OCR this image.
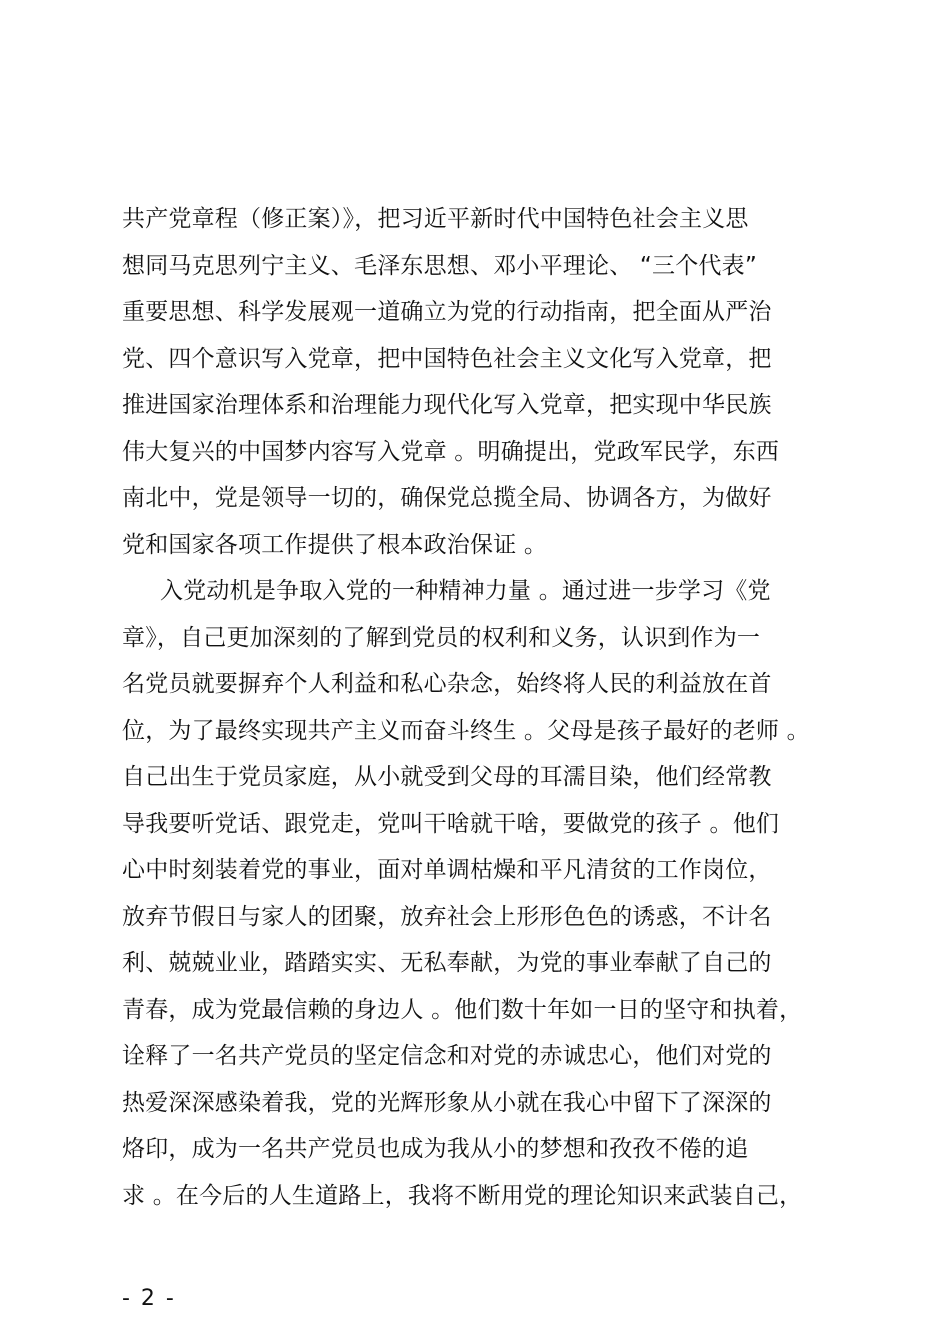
共产党章程（修正案）》，把习近平新时代中国特色社会主义思
想同马克思列宁主义、毛泽东思想、邓小平理论、 “三个代表”
重要思想、科学发展观一道确立为党的行动指南，把全面从严治
党、四个意识写入党章，把中国特色社会主义文化写入党章，把
推进国家治理体系和治理能力现代化写入党章，把实现中华民族
伟大复兴的中国梦内容写入党章 。明确提出，党政军民学，东西
南北中，党是领导一切的，确保党总揽全局、协调各方，为做好
党和国家各项工作提供了根本政治保证 。
入党动机是争取入党的一种精神力量 。通过进一步学习《党
章》，自己更加深刻的了解到党员的权利和义务，认识到作为一
名党员就要摒弃个人利益和私心杂念，始终将人民的利益放在首
位，为了最终实现共产主义而奋斗终生 。父母是孩子最好的老师 。
自己出生于党员家庭，从小就受到父母的耳濡目染，他们经常教
导我要听党话、跟党走，党叫干啥就干啥，要做党的孩子 。他们
心中时刻装着党的事业，面对单调枯燥和平凡清贫的工作岗位，
放弃节假日与家人的团聚，放弃社会上形形色色的诱惑，不计名
利、兢兢业业，踏踏实实、无私奉献，为党的事业奉献了自己的
青春，成为党最信赖的身边人 。他们数十年如一日的坚守和执着，
诠释了一名共产党员的坚定信念和对党的赤诚忠心，他们对党的
热爱深深感染着我，党的光辉形象从小就在我心中留下了深深的
烙印，成为一名共产党员也成为我从小的梦想和孜孜不倦的追
求 。在今后的人生道路上，我将不断用党的理论知识来武装自己，
- 2 -
